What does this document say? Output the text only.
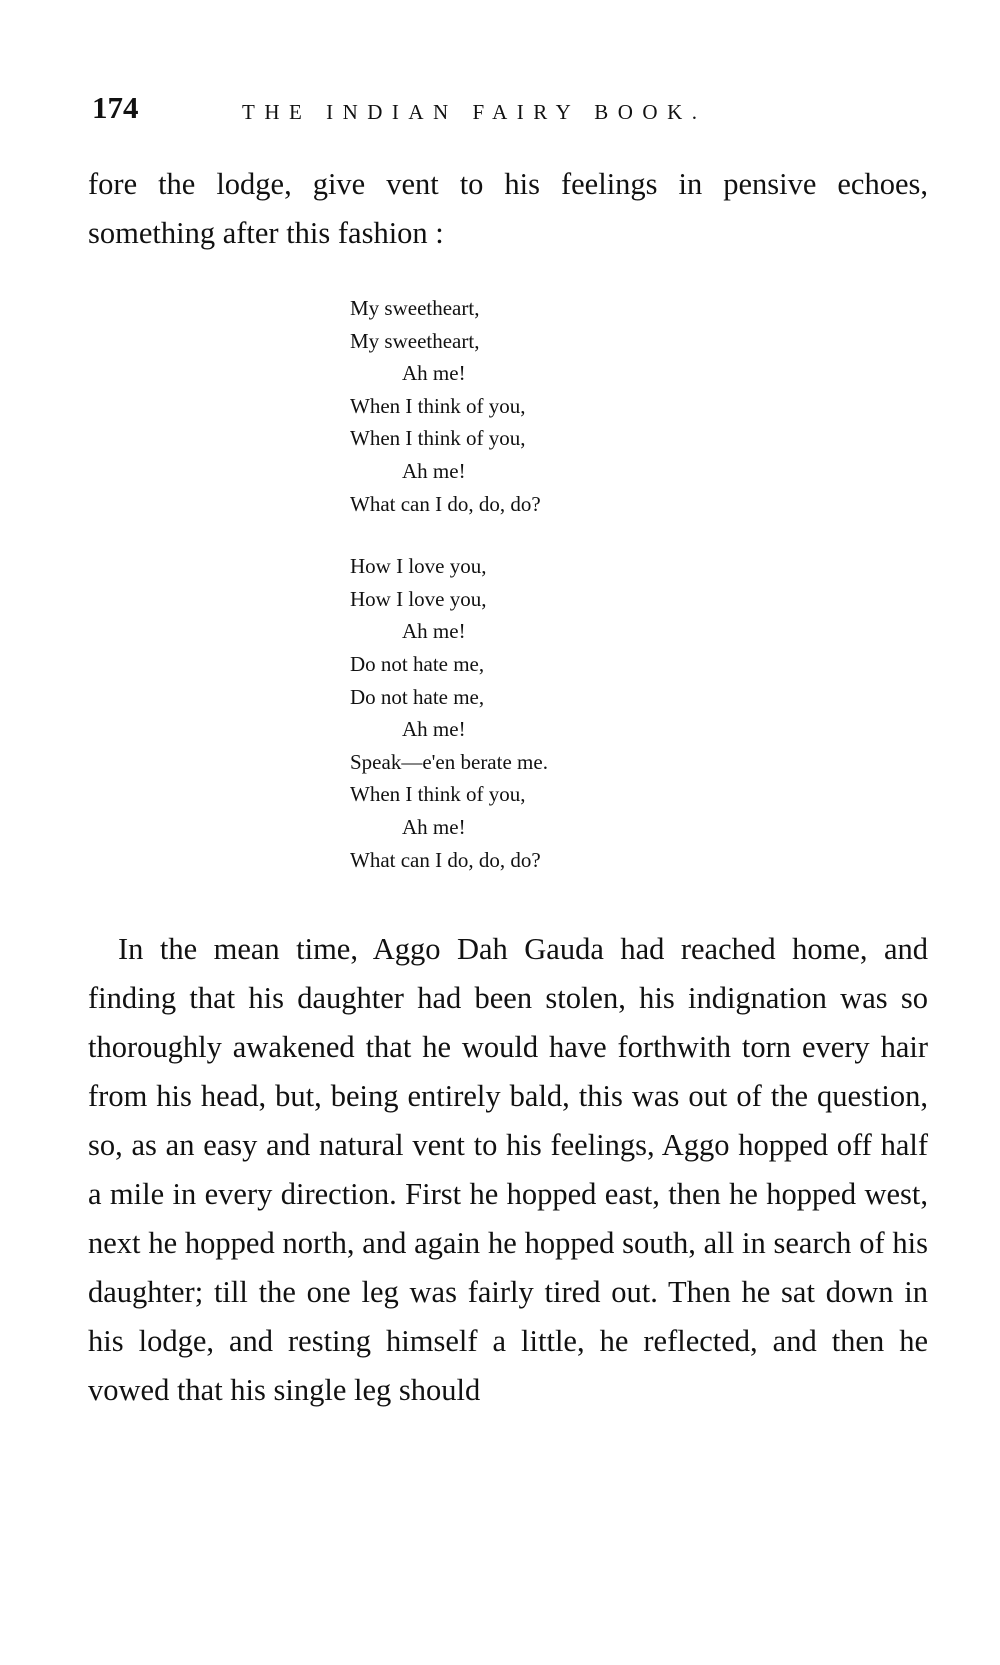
174	THE INDIAN FAIRY BOOK.

fore the lodge, give vent to his feelings in pensive echoes, something after this fashion :

My sweetheart,
My sweetheart,
Ah me!
When I think of you,
When I think of you,
Ah me!
What can I do, do, do?
How I love you,
How I love you,
Ah me!
Do not hate me,
Do not hate me,
Ah me!
Speak—e'en berate me.
When I think of you,
Ah me!
What can I do, do, do?

In the mean time, Aggo Dah Gauda had reached home, and finding that his daughter had been stolen, his indignation was so thoroughly awakened that he would have forthwith torn every hair from his head, but, being entirely bald, this was out of the question, so, as an easy and natural vent to his feelings, Aggo hopped off half a mile in every direction. First he hopped east, then he hopped west, next he hopped north, and again he hopped south, all in search of his daughter; till the one leg was fairly tired out. Then he sat down in his lodge, and resting himself a little, he reflected, and then he vowed that his single leg should
